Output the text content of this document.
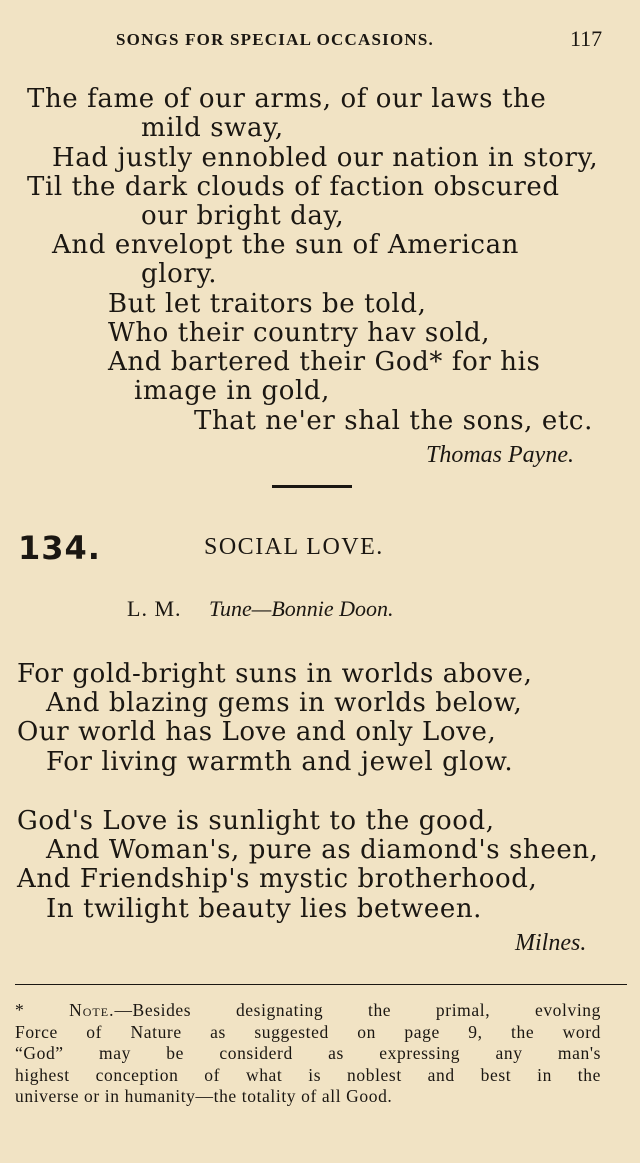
SONGS FOR SPECIAL OCCASIONS.	117
The fame of our arms, of our laws the
mild sway,
Had justly ennobled our nation in story,
Til the dark clouds of faction obscured
our bright day,
And envelopt the sun of American
glory.
But let traitors be told,
Who their country hav sold,
And bartered their God* for his
image in gold,
That ne'er shal the sons, etc.
Thomas Payne.
134.	SOCIAL LOVE.
L. M. Tune—Bonnie Doon.
For gold-bright suns in worlds above,
And blazing gems in worlds below,
Our world has Love and only Love,
For living warmth and jewel glow.
God's Love is sunlight to the good,
And Woman's, pure as diamond's sheen,
And Friendship's mystic brotherhood,
In twilight beauty lies between.
Milnes.
* Note.—Besides designating the primal, evolving
Force of Nature as suggested on page 9, the word
“God” may be considerd as expressing any man's
highest conception of what is noblest and best in the
universe or in humanity—the totality of all Good.
